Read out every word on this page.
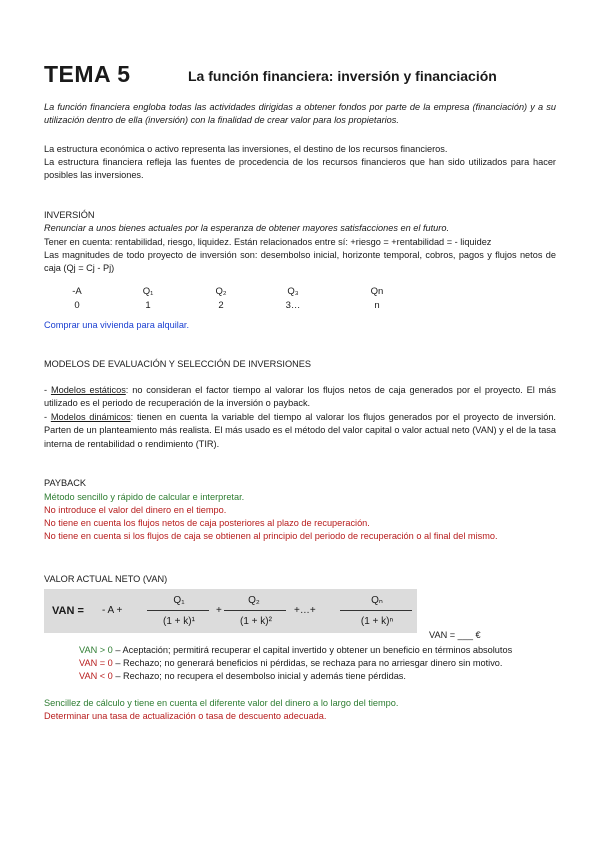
TEMA 5	La función financiera: inversión y financiación
La función financiera engloba todas las actividades dirigidas a obtener fondos por parte de la empresa (financiación) y a su utilización dentro de ella (inversión) con la finalidad de crear valor para los propietarios.
La estructura económica o activo representa las inversiones, el destino de los recursos financieros.
La estructura financiera refleja las fuentes de procedencia de los recursos financieros que han sido utilizados para hacer posibles las inversiones.
INVERSIÓN
Renunciar a unos bienes actuales por la esperanza de obtener mayores satisfacciones en el futuro.
Tener en cuenta: rentabilidad, riesgo, liquidez. Están relacionados entre sí: +riesgo = +rentabilidad = - liquidez
Las magnitudes de todo proyecto de inversión son: desembolso inicial, horizonte temporal, cobros, pagos y flujos netos de caja (Qj = Cj - Pj)
-A	Q₁	Q₂	Q₃	Qn
0	1	2	3…	n
Comprar una vivienda para alquilar.
MODELOS DE EVALUACIÓN Y SELECCIÓN DE INVERSIONES
- Modelos estáticos: no consideran el factor tiempo al valorar los flujos netos de caja generados por el proyecto. El más utilizado es el periodo de recuperación de la inversión o payback.
- Modelos dinámicos: tienen en cuenta la variable del tiempo al valorar los flujos generados por el proyecto de inversión. Parten de un planteamiento más realista. El más usado es el método del valor capital o valor actual neto (VAN) y el de la tasa interna de rentabilidad o rendimiento (TIR).
PAYBACK
Método sencillo y rápido de calcular e interpretar.
No introduce el valor del dinero en el tiempo.
No tiene en cuenta los flujos netos de caja posteriores al plazo de recuperación.
No tiene en cuenta si los flujos de caja se obtienen al principio del periodo de recuperación o al final del mismo.
VALOR ACTUAL NETO (VAN)
VAN = - A +
Q₁
(1 + k)¹
+
Q₂
(1 + k)²
+…+
Qₙ
(1 + k)ⁿ
VAN = ___ €
VAN > 0 – Aceptación; permitirá recuperar el capital invertido y obtener un beneficio en términos absolutos
VAN = 0 – Rechazo; no generará beneficios ni pérdidas, se rechaza para no arriesgar dinero sin motivo.
VAN < 0 – Rechazo; no recupera el desembolso inicial y además tiene pérdidas.
Sencillez de cálculo y tiene en cuenta el diferente valor del dinero a lo largo del tiempo.
Determinar una tasa de actualización o tasa de descuento adecuada.
